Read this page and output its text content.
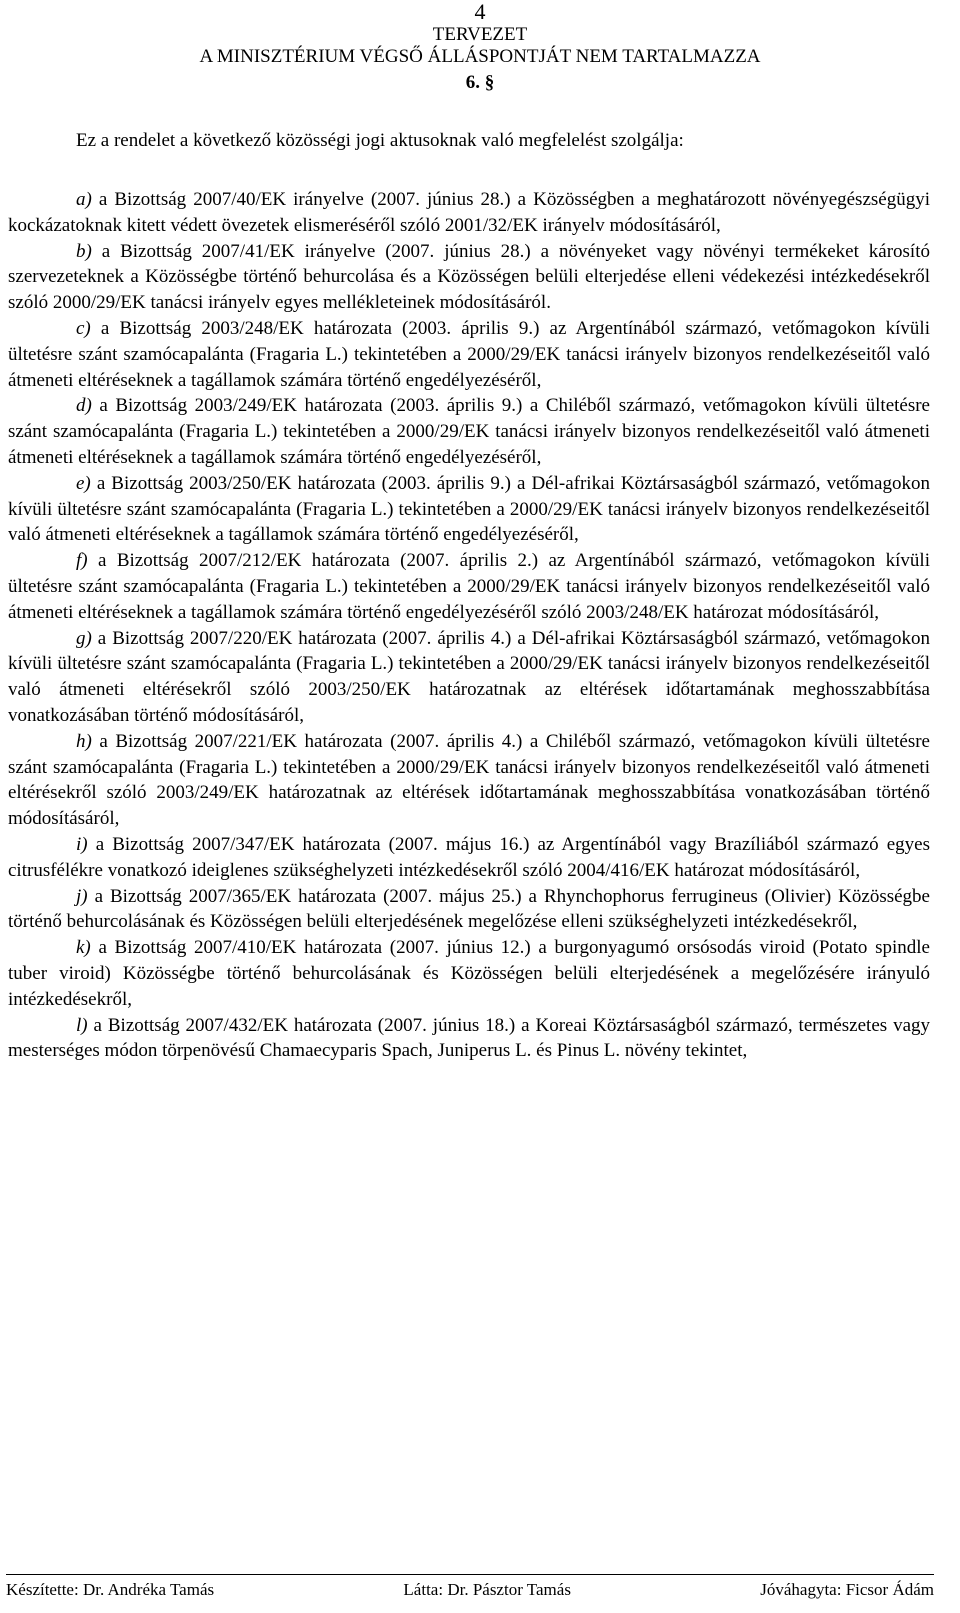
4
TERVEZET
A MINISZTÉRIUM VÉGSŐ ÁLLÁSPONTJÁT NEM TARTALMAZZA
6. §
Ez a rendelet a következő közösségi jogi aktusoknak való megfelelést szolgálja:

a) a Bizottság 2007/40/EK irányelve (2007. június 28.) a Közösségben a meghatározott növényegészségügyi kockázatoknak kitett védett övezetek elismeréséről szóló 2001/32/EK irányelv módosításáról,

b) a Bizottság 2007/41/EK irányelve (2007. június 28.) a növényeket vagy növényi termékeket károsító szervezeteknek a Közösségbe történő behurcolása és a Közösségen belüli elterjedése elleni védekezési intézkedésekről szóló 2000/29/EK tanácsi irányelv egyes mellékleteinek módosításáról.

c) a Bizottság 2003/248/EK határozata (2003. április 9.) az Argentínából származó, vetőmagokon kívüli ültetésre szánt szamócapalánta (Fragaria L.) tekintetében a 2000/29/EK tanácsi irányelv bizonyos rendelkezéseitől való átmeneti eltéréseknek a tagállamok számára történő engedélyezéséről,

d) a Bizottság 2003/249/EK határozata (2003. április 9.) a Chiléből származó, vetőmagokon kívüli ültetésre szánt szamócapalánta (Fragaria L.) tekintetében a 2000/29/EK tanácsi irányelv bizonyos rendelkezéseitől való átmeneti átmeneti eltéréseknek a tagállamok számára történő engedélyezéséről,

e) a Bizottság 2003/250/EK határozata (2003. április 9.) a Dél-afrikai Köztársaságból származó, vetőmagokon kívüli ültetésre szánt szamócapalánta (Fragaria L.) tekintetében a 2000/29/EK tanácsi irányelv bizonyos rendelkezéseitől való átmeneti eltéréseknek a tagállamok számára történő engedélyezéséről,

f) a Bizottság 2007/212/EK határozata (2007. április 2.) az Argentínából származó, vetőmagokon kívüli ültetésre szánt szamócapalánta (Fragaria L.) tekintetében a 2000/29/EK tanácsi irányelv bizonyos rendelkezéseitől való átmeneti eltéréseknek a tagállamok számára történő engedélyezéséről szóló 2003/248/EK határozat módosításáról,

g) a Bizottság 2007/220/EK határozata (2007. április 4.) a Dél-afrikai Köztársaságból származó, vetőmagokon kívüli ültetésre szánt szamócapalánta (Fragaria L.) tekintetében a 2000/29/EK tanácsi irányelv bizonyos rendelkezéseitől való átmeneti eltérésekről szóló 2003/250/EK határozatnak az eltérések időtartamának meghosszabbítása vonatkozásában történő módosításáról,

h) a Bizottság 2007/221/EK határozata (2007. április 4.) a Chiléből származó, vetőmagokon kívüli ültetésre szánt szamócapalánta (Fragaria L.) tekintetében a 2000/29/EK tanácsi irányelv bizonyos rendelkezéseitől való átmeneti eltérésekről szóló 2003/249/EK határozatnak az eltérések időtartamának meghosszabbítása vonatkozásában történő módosításáról,

i) a Bizottság 2007/347/EK határozata (2007. május 16.) az Argentínából vagy Brazíliából származó egyes citrusfélékre vonatkozó ideiglenes szükséghelyzeti intézkedésekről szóló 2004/416/EK határozat módosításáról,

j) a Bizottság 2007/365/EK határozata (2007. május 25.) a Rhynchophorus ferrugineus (Olivier) Közösségbe történő behurcolásának és Közösségen belüli elterjedésének megelőzése elleni szükséghelyzeti intézkedésekről,

k) a Bizottság 2007/410/EK határozata (2007. június 12.) a burgonyagumó orsósodás viroid (Potato spindle tuber viroid) Közösségbe történő behurcolásának és Közösségen belüli elterjedésének a megelőzésére irányuló intézkedésekről,

l) a Bizottság 2007/432/EK határozata (2007. június 18.) a Koreai Köztársaságból származó, természetes vagy mesterséges módon törpenövésű Chamaecyparis Spach, Juniperus L. és Pinus L. növény tekintet,

Készítette: Dr. Andréka Tamás	Látta: Dr. Pásztor Tamás	Jóváhagyta: Ficsor Ádám
